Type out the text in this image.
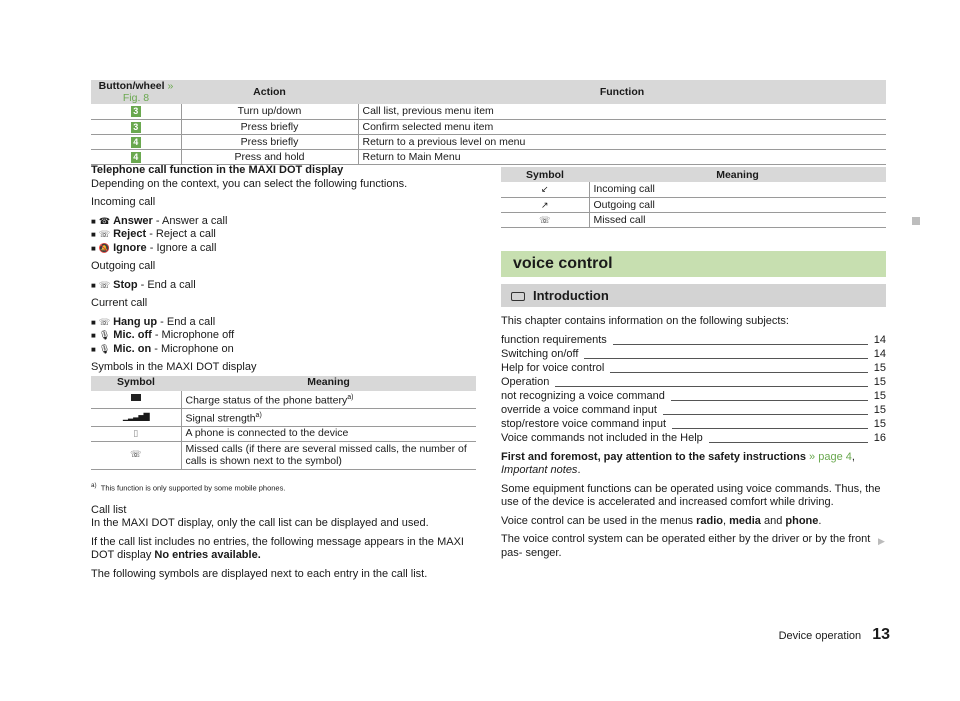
Button/wheel » Fig. 8	Action	Function
3	Turn up/down	Call list, previous menu item
3	Press briefly	Confirm selected menu item
4	Press briefly	Return to a previous level on menu
4	Press and hold	Return to Main Menu
Telephone call function in the MAXI DOT display
Depending on the context, you can select the following functions.
Incoming call
■ ☎ Answer - Answer a call
■ ☏ Reject - Reject a call
■ 🔕 Ignore - Ignore a call
Outgoing call
■ ☏ Stop - End a call
Current call
■ ☏ Hang up - End a call
■ 🎙 Mic. off - Microphone off
■ 🎙 Mic. on - Microphone on
Symbols in the MAXI DOT display
Symbol	Meaning
	Charge status of the phone battery$^{a)}$
▁▂▃▅▇	Signal strength$^{a)}$
▯	A phone is connected to the device
☏	Missed calls (if there are several missed calls, the number of calls is shown next to the symbol)
$^{a)}$ This function is only supported by some mobile phones.
Call list
In the MAXI DOT display, only the call list can be displayed and used.
If the call list includes no entries, the following message appears in the MAXI DOT display No entries available.
The following symbols are displayed next to each entry in the call list.
Symbol	Meaning
↙	Incoming call
↗	Outgoing call
☏	Missed call
voice control
Introduction
This chapter contains information on the following subjects:
function requirements	14
Switching on/off	14
Help for voice control	15
Operation	15
not recognizing a voice command	15
override a voice command input	15
stop/restore voice command input	15
Voice commands not included in the Help	16
First and foremost, pay attention to the safety instructions » page 4, Important notes.
Some equipment functions can be operated using voice commands. Thus, the use of the device is accelerated and increased comfort while driving.
Voice control can be used in the menus radio, media and phone.
The voice control system can be operated either by the driver or by the front pas- senger.
▶
Device operation 13
